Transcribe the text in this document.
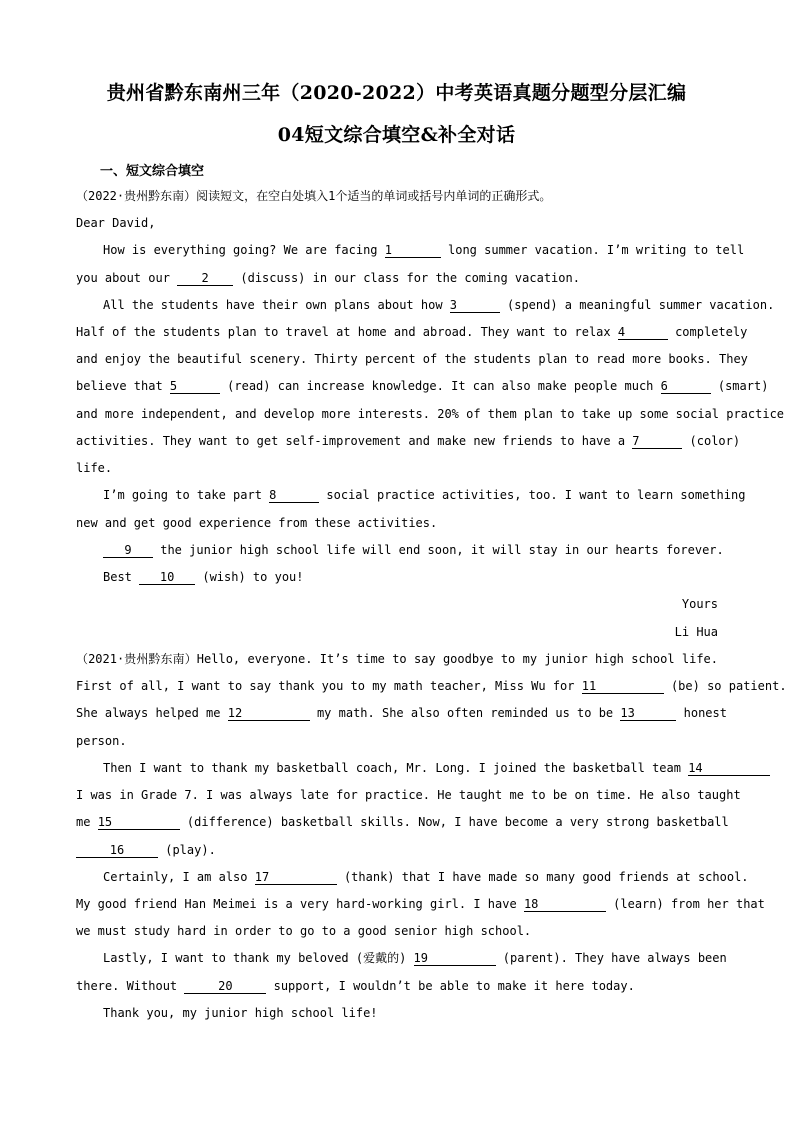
贵州省黔东南州三年（2020-2022）中考英语真题分题型分层汇编
04短文综合填空&补全对话
一、短文综合填空
（2022·贵州黔东南）阅读短文，在空白处填入1个适当的单词或括号内单词的正确形式。
Dear David,
How is everything going? We are facing 1	long summer vacation. I’m writing to tell
you about our 2 (discuss) in our class for the coming vacation.
All the students have their own plans about how 3	(spend) a meaningful summer vacation.
Half of the students plan to travel at home and abroad. They want to relax 4	completely
and enjoy the beautiful scenery. Thirty percent of the students plan to read more books. They
believe that 5	(read) can increase knowledge. It can also make people much 6	(smart)
and more independent, and develop more interests. 20% of them plan to take up some social practice
activities. They want to get self-improvement and make new friends to have a 7	(color)
life.
I’m going to take part 8	social practice activities, too. I want to learn something
new and get good experience from these activities.
9 the junior high school life will end soon, it will stay in our hearts forever.
Best 10 (wish) to you!
Yours
Li Hua
（2021·贵州黔东南）Hello, everyone. It’s time to say goodbye to my junior high school life.
First of all, I want to say thank you to my math teacher, Miss Wu for 11	(be) so patient.
She always helped me 12	my math. She also often reminded us to be 13	honest
person.
Then I want to thank my basketball coach, Mr. Long. I joined the basketball team 14
I was in Grade 7. I was always late for practice. He taught me to be on time. He also taught
me 15	(difference) basketball skills. Now, I have become a very strong basketball
16	(play).
Certainly, I am also 17	(thank) that I have made so many good friends at school.
My good friend Han Meimei is a very hard-working girl. I have 18	(learn) from her that
we must study hard in order to go to a good senior high school.
Lastly, I want to thank my beloved (爱戴的) 19	(parent). They have always been
there. Without	20	support, I wouldn’t be able to make it here today.
Thank you, my junior high school life!
